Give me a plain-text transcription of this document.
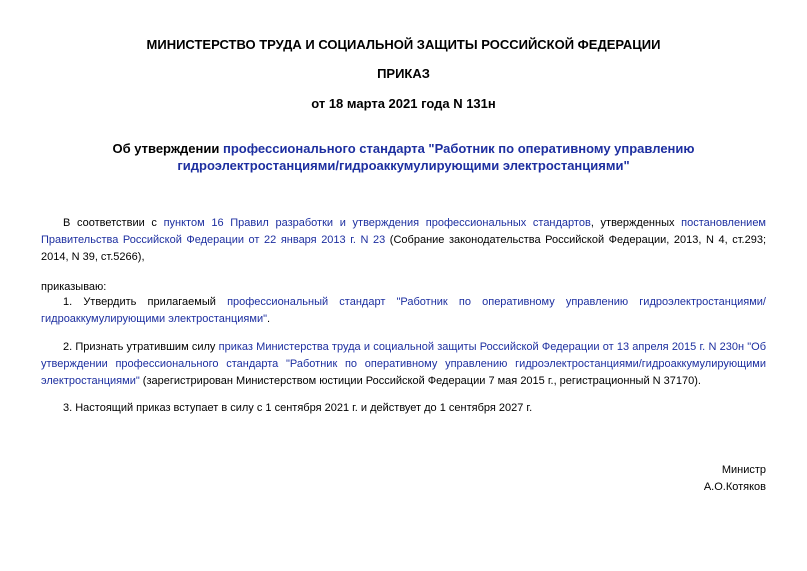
МИНИСТЕРСТВО ТРУДА И СОЦИАЛЬНОЙ ЗАЩИТЫ РОССИЙСКОЙ ФЕДЕРАЦИИ
ПРИКАЗ
от 18 марта 2021 года N 131н
Об утверждении профессионального стандарта "Работник по оперативному управлению гидроэлектростанциями/гидроаккумулирующими электростанциями"
В соответствии с пунктом 16 Правил разработки и утверждения профессиональных стандартов, утвержденных постановлением Правительства Российской Федерации от 22 января 2013 г. N 23 (Собрание законодательства Российской Федерации, 2013, N 4, ст.293; 2014, N 39, ст.5266),
приказываю:
1. Утвердить прилагаемый профессиональный стандарт "Работник по оперативному управлению гидроэлектростанциями/гидроаккумулирующими электростанциями".
2. Признать утратившим силу приказ Министерства труда и социальной защиты Российской Федерации от 13 апреля 2015 г. N 230н "Об утверждении профессионального стандарта "Работник по оперативному управлению гидроэлектростанциями/гидроаккумулирующими электростанциями" (зарегистрирован Министерством юстиции Российской Федерации 7 мая 2015 г., регистрационный N 37170).
3. Настоящий приказ вступает в силу с 1 сентября 2021 г. и действует до 1 сентября 2027 г.
Министр
А.О.Котяков
